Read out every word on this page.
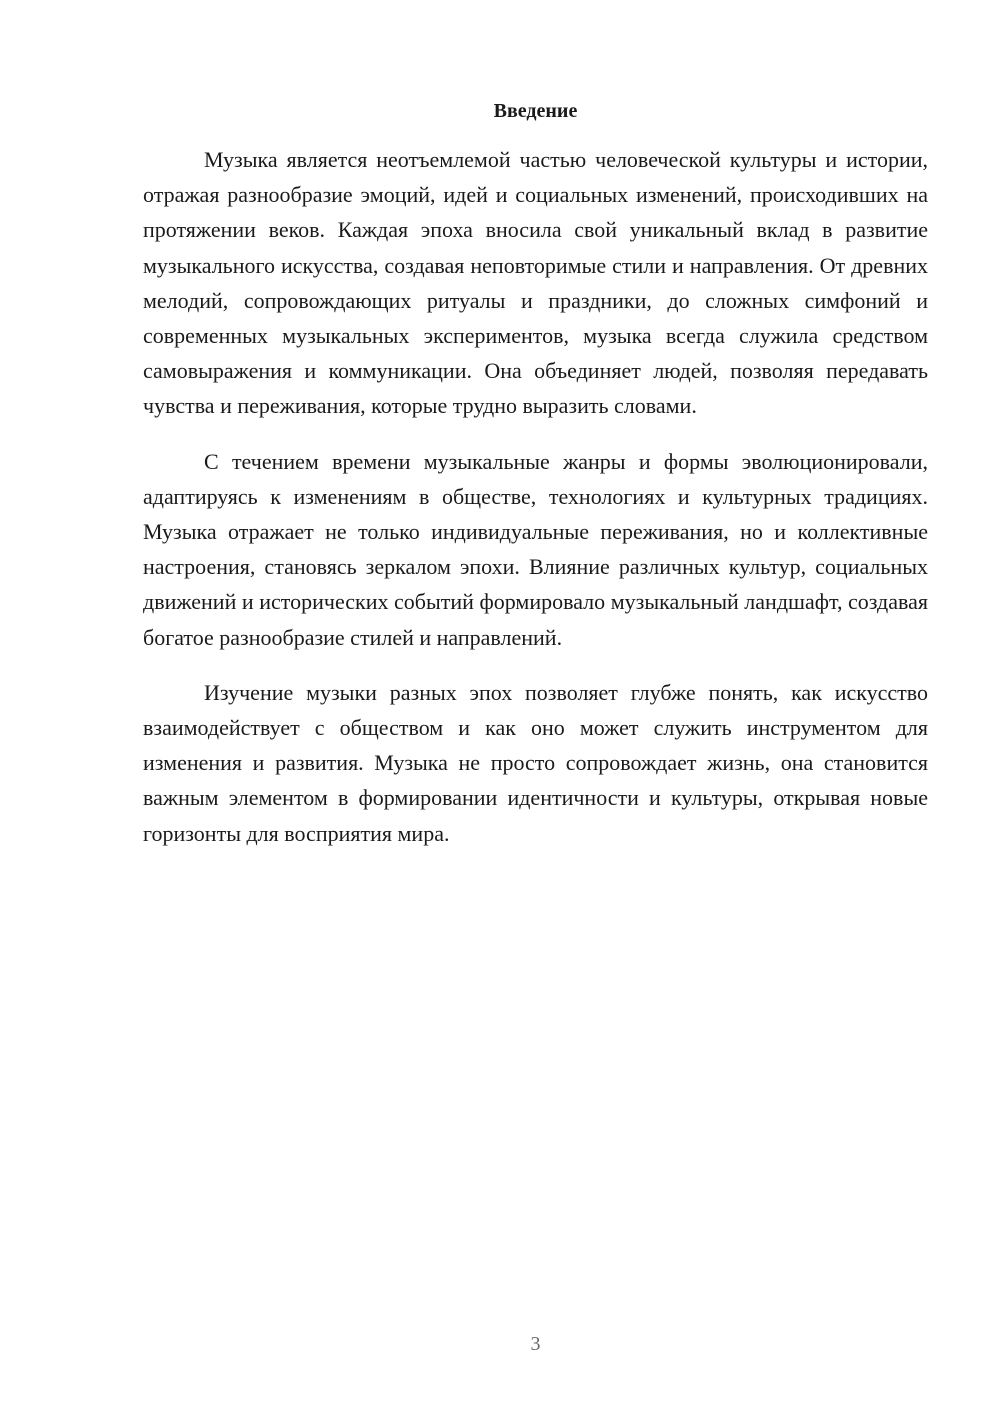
Введение

Музыка является неотъемлемой частью человеческой культуры и истории, отражая разнообразие эмоций, идей и социальных изменений, происходивших на протяжении веков. Каждая эпоха вносила свой уникальный вклад в развитие музыкального искусства, создавая неповторимые стили и направления. От древних мелодий, сопровождающих ритуалы и праздники, до сложных симфоний и современных музыкальных экспериментов, музыка всегда служила средством самовыражения и коммуникации. Она объединяет людей, позволяя передавать чувства и переживания, которые трудно выразить словами.

С течением времени музыкальные жанры и формы эволюционировали, адаптируясь к изменениям в обществе, технологиях и культурных традициях. Музыка отражает не только индивидуальные переживания, но и коллективные настроения, становясь зеркалом эпохи. Влияние различных культур, социальных движений и исторических событий формировало музыкальный ландшафт, создавая богатое разнообразие стилей и направлений.

Изучение музыки разных эпох позволяет глубже понять, как искусство взаимодействует с обществом и как оно может служить инструментом для изменения и развития. Музыка не просто сопровождает жизнь, она становится важным элементом в формировании идентичности и культуры, открывая новые горизонты для восприятия мира.

3
